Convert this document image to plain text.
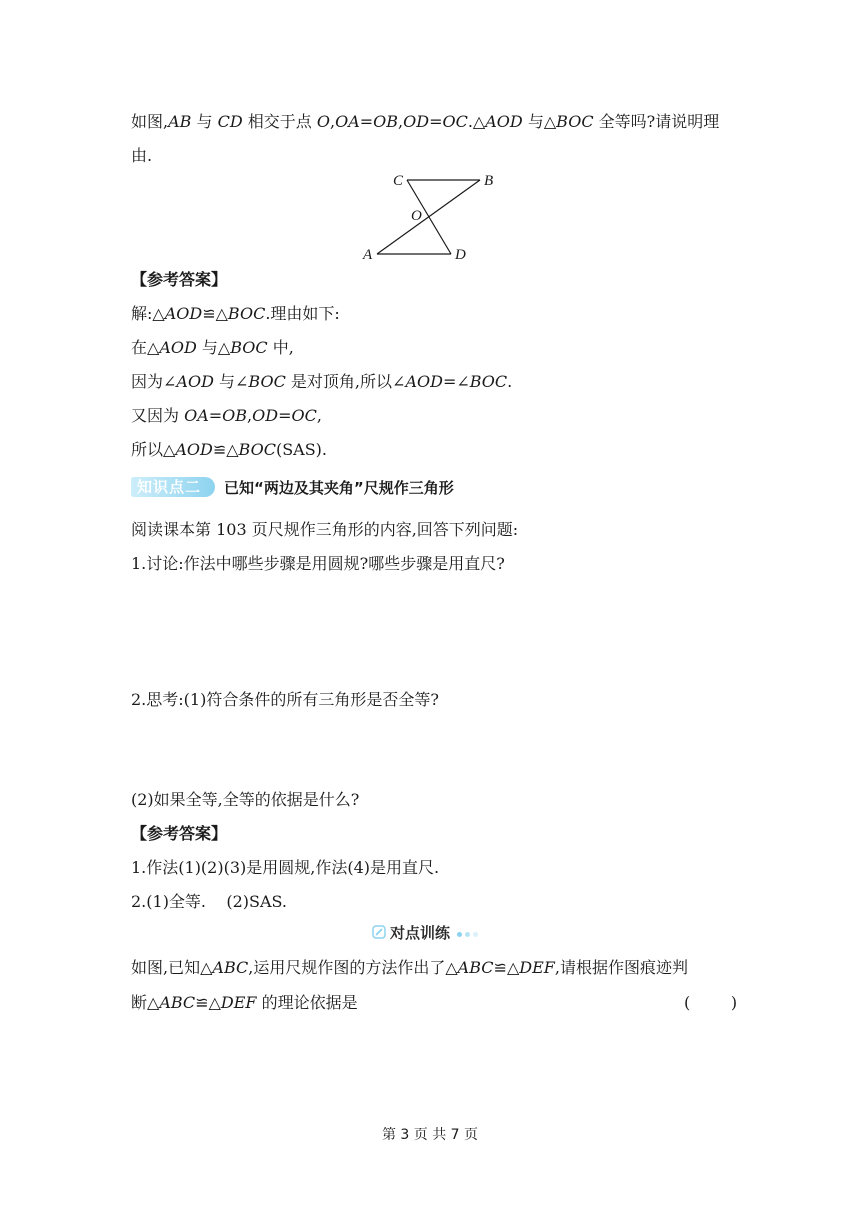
如图,AB 与 CD 相交于点 O,OA=OB,OD=OC.△AOD 与△BOC 全等吗?请说明理
由.
C	B
O
A	D
【参考答案】
解:△AOD≌△BOC.理由如下:
在△AOD 与△BOC 中,
因为∠AOD 与∠BOC 是对顶角,所以∠AOD=∠BOC.
又因为 OA=OB,OD=OC,
所以△AOD≌△BOC(SAS).
知识点二	已知“两边及其夹角”尺规作三角形
阅读课本第 103 页尺规作三角形的内容,回答下列问题:
1.讨论:作法中哪些步骤是用圆规?哪些步骤是用直尺?
2.思考:(1)符合条件的所有三角形是否全等?
(2)如果全等,全等的依据是什么?
【参考答案】
1.作法(1)(2)(3)是用圆规,作法(4)是用直尺.
2.(1)全等.    (2)SAS.
对点训练
如图,已知△ABC,运用尺规作图的方法作出了△ABC≌△DEF,请根据作图痕迹判
断△ABC≌△DEF 的理论依据是	(        )
第 3 页 共 7 页
